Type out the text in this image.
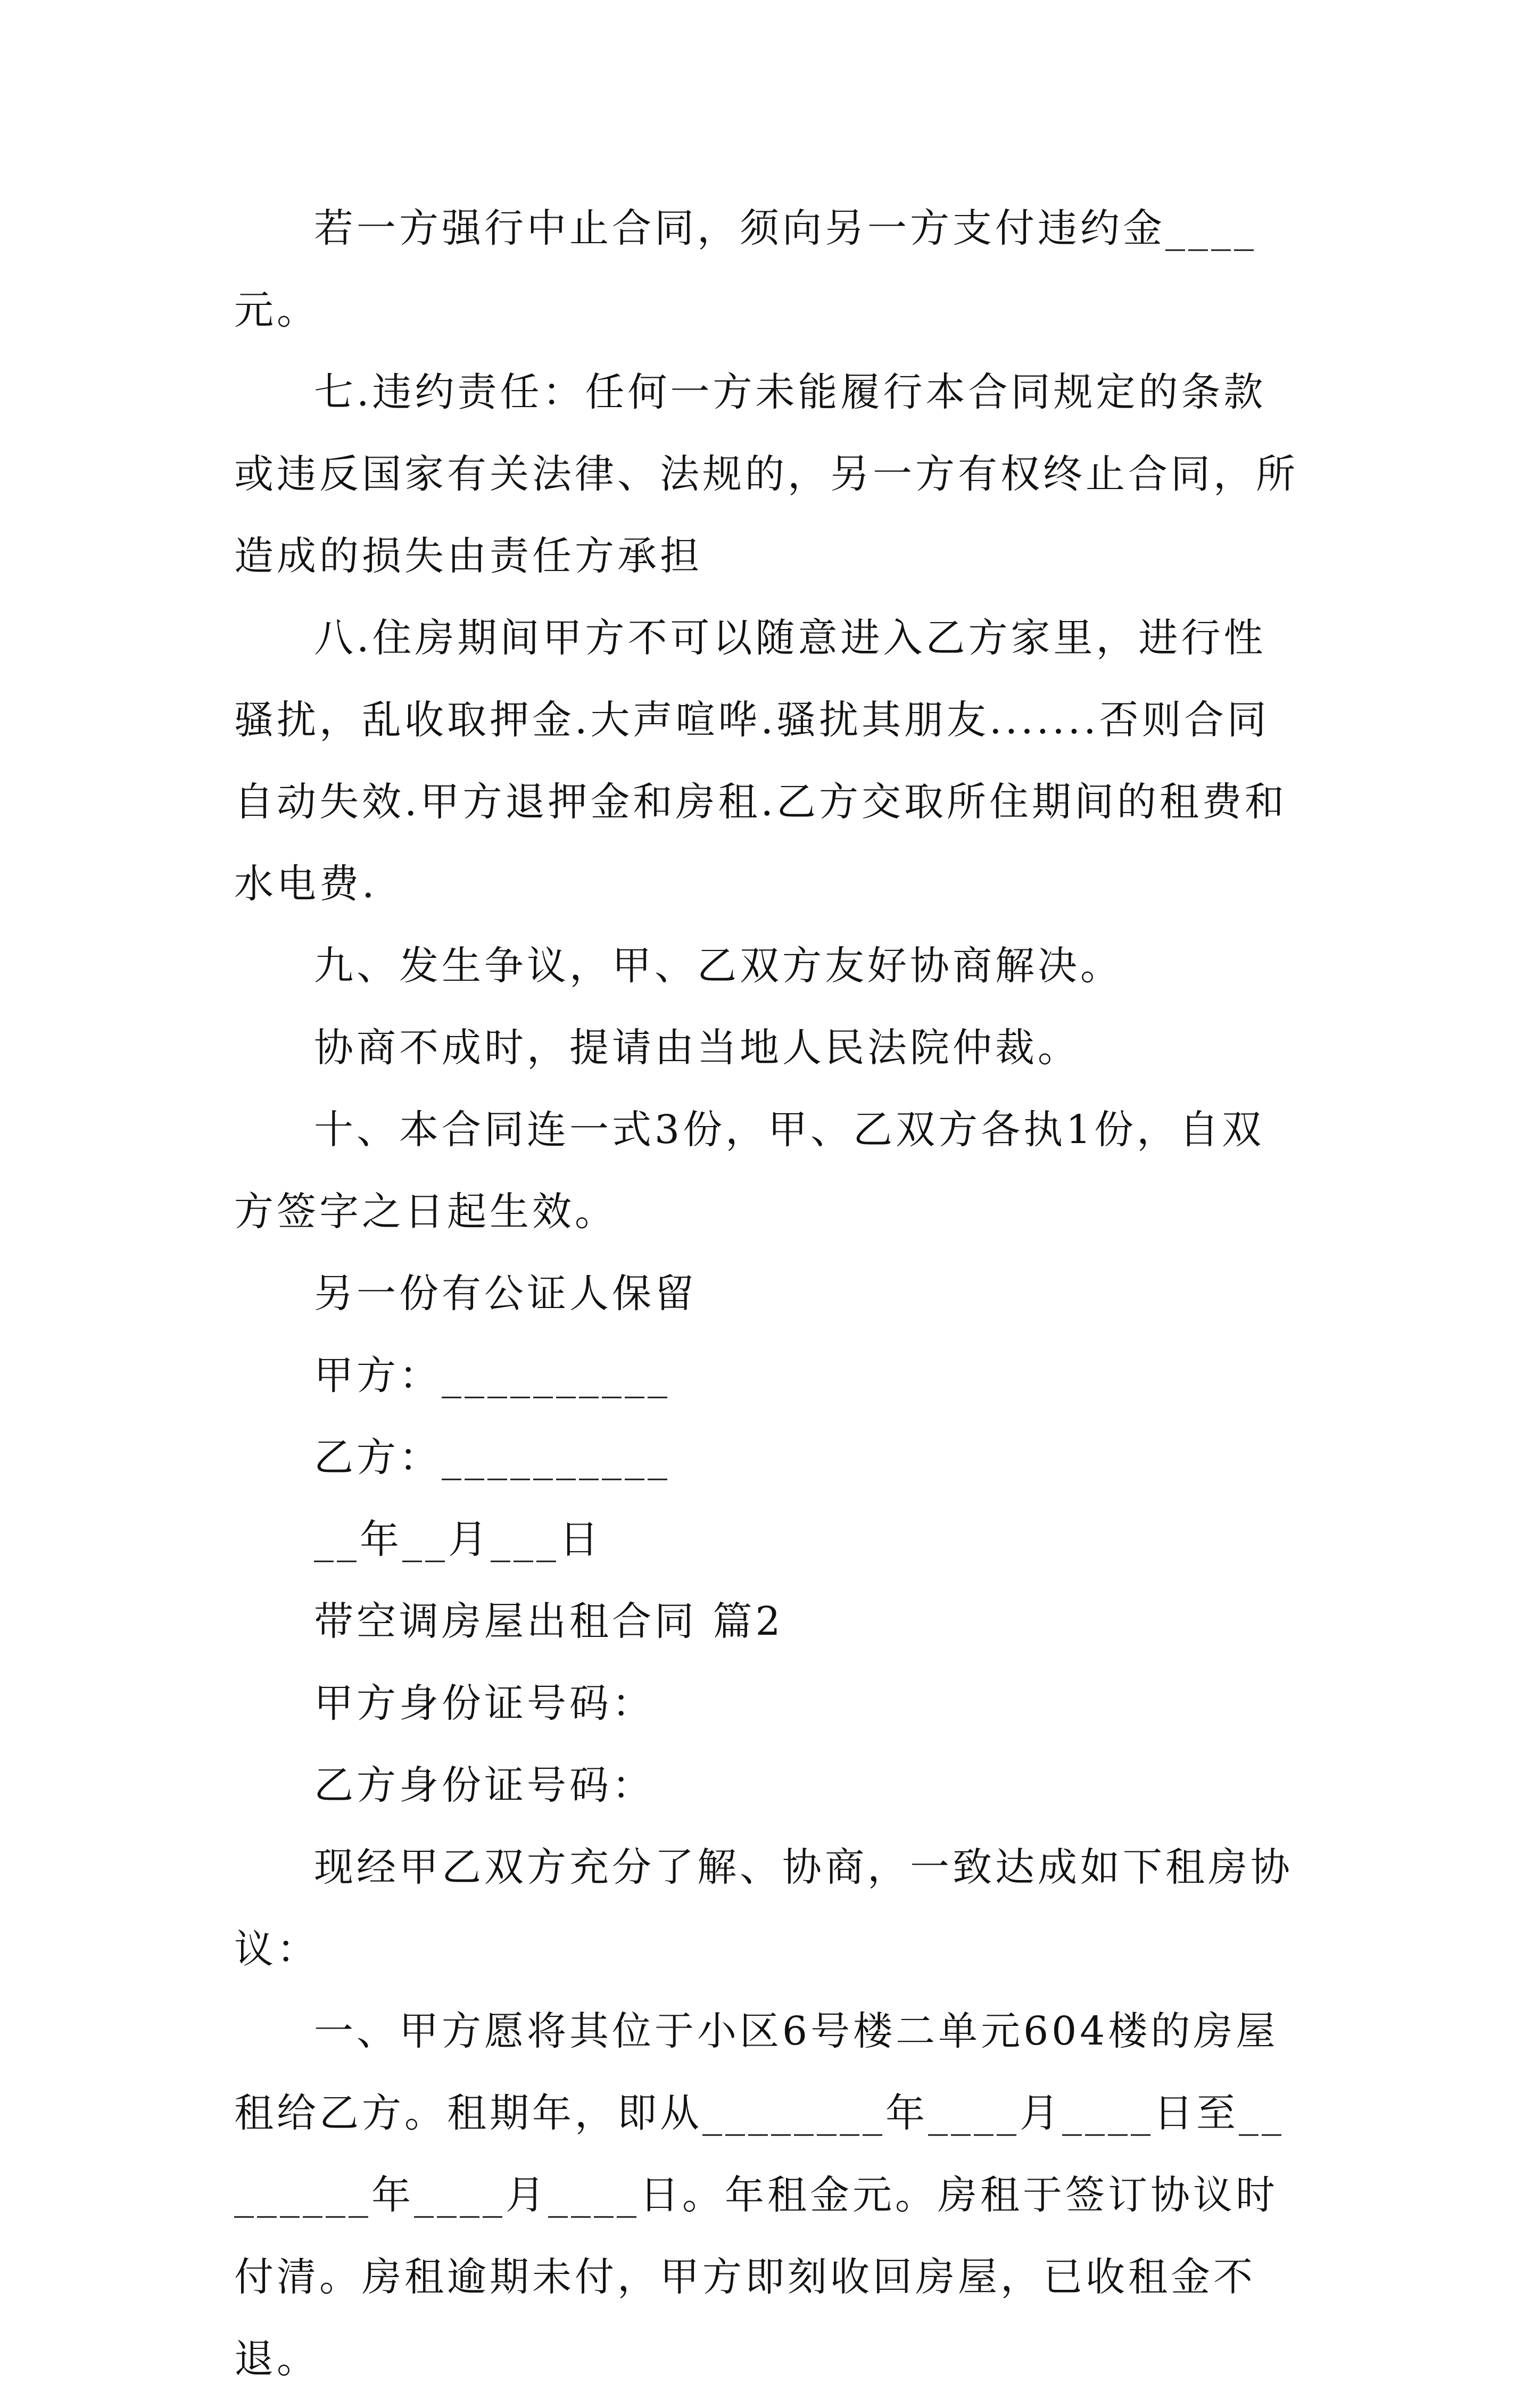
若一方强行中止合同，须向另一方支付违约金____元。

七.违约责任：任何一方未能履行本合同规定的条款或违反国家有关法律、法规的，另一方有权终止合同，所造成的损失由责任方承担

八.住房期间甲方不可以随意进入乙方家里，进行性骚扰，乱收取押金.大声喧哗.骚扰其朋友.......否则合同自动失效.甲方退押金和房租.乙方交取所住期间的租费和水电费.

九、发生争议，甲、乙双方友好协商解决。

协商不成时，提请由当地人民法院仲裁。

十、本合同连一式3份，甲、乙双方各执1份，自双方签字之日起生效。

另一份有公证人保留

甲方：__________

乙方：__________

__年__月___日

带空调房屋出租合同 篇2

甲方身份证号码：

乙方身份证号码：

现经甲乙双方充分了解、协商，一致达成如下租房协议：

一、甲方愿将其位于小区6号楼二单元604楼的房屋租给乙方。租期年，即从________年____月____日至________年____月____日。年租金元。房租于签订协议时付清。房租逾期未付，甲方即刻收回房屋，已收租金不退。
